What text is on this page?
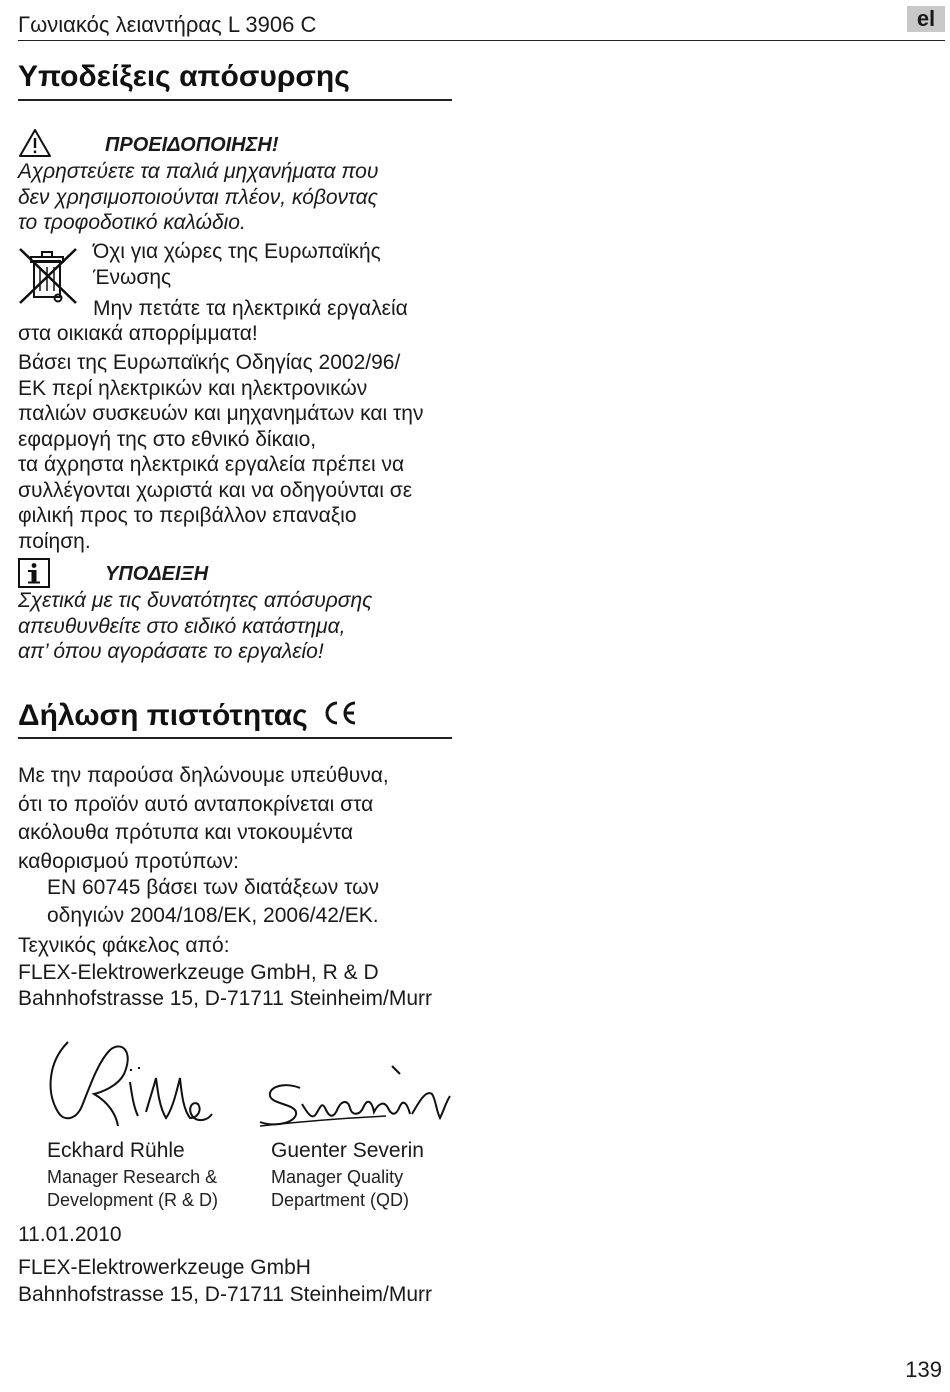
Γωνιακός λειαντήρας L 3906 C	el
Υποδείξεις απόσυρσης
ΠΡΟΕΙΔΟΠΟΙΗΣΗ!
Αχρηστεύετε τα παλιά μηχανήματα που
δεν χρησιμοποιούνται πλέον, κόβοντας
το τροφοδοτικό καλώδιο.
Όχι για χώρες της Ευρωπαϊκής
Ένωσης
Μην πετάτε τα ηλεκτρικά εργαλεία
στα οικιακά απορρίμματα!
Βάσει της Ευρωπαϊκής Οδηγίας 2002/96/
ΕΚ περί ηλεκτρικών και ηλεκτρονικών
παλιών συσκευών και μηχανημάτων και την
εφαρμογή της στο εθνικό δίκαιο,
τα άχρηστα ηλεκτρικά εργαλεία πρέπει να
συλλέγονται χωριστά και να οδηγούνται σε
φιλική προς το περιβάλλον επαναξιο
ποίηση.
ΥΠΟΔΕΙΞΗ
Σχετικά με τις δυνατότητες απόσυρσης
απευθυνθείτε στο ειδικό κατάστημα,
απ’ όπου αγοράσατε το εργαλείο!
Δήλωση πιστότητας
Με την παρούσα δηλώνουμε υπεύθυνα,
ότι το προϊόν αυτό ανταποκρίνεται στα
ακόλουθα πρότυπα και ντοκουμέντα
καθορισμού προτύπων:
EN 60745 βάσει των διατάξεων των
οδηγιών 2004/108/ΕΚ, 2006/42/ΕΚ.
Τεχνικός φάκελος από:
FLEX-Elektrowerkzeuge GmbH, R & D
Bahnhofstrasse 15, D-71711 Steinheim/Murr
Eckhard Rühle
Manager Research &
Development (R & D)
Guenter Severin
Manager Quality
Department (QD)
11.01.2010
FLEX-Elektrowerkzeuge GmbH
Bahnhofstrasse 15, D-71711 Steinheim/Murr
139
